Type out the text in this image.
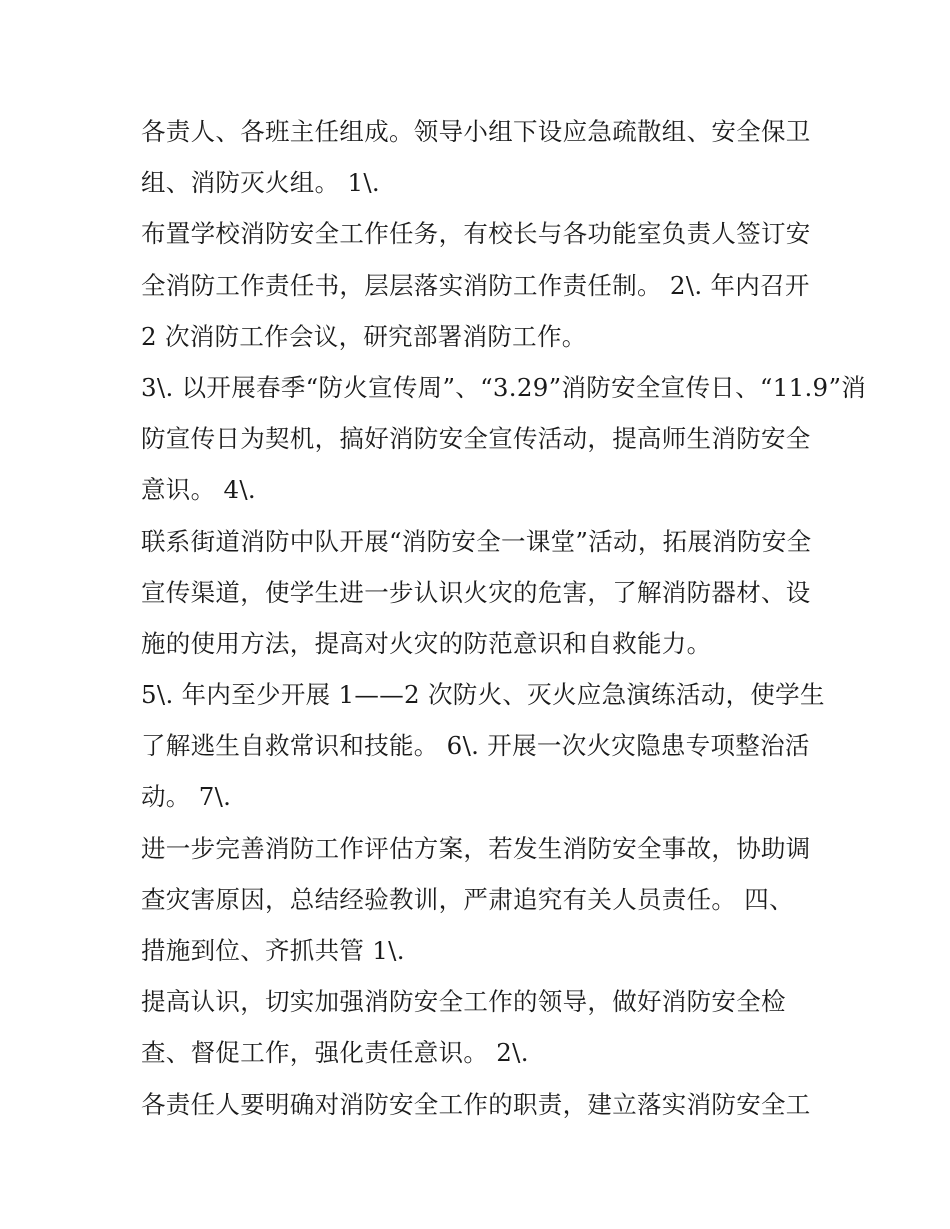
各责人、各班主任组成。领导小组下设应急疏散组、安全保卫
组、消防灭火组。 1\.
布置学校消防安全工作任务，有校长与各功能室负责人签订安
全消防工作责任书，层层落实消防工作责任制。 2\. 年内召开
2 次消防工作会议，研究部署消防工作。
3\. 以开展春季“防火宣传周”、“3.29”消防安全宣传日、“11.9”消
防宣传日为契机，搞好消防安全宣传活动，提高师生消防安全
意识。 4\.
联系街道消防中队开展“消防安全一课堂”活动，拓展消防安全
宣传渠道，使学生进一步认识火灾的危害，了解消防器材、设
施的使用方法，提高对火灾的防范意识和自救能力。
5\. 年内至少开展 1——2 次防火、灭火应急演练活动，使学生
了解逃生自救常识和技能。 6\. 开展一次火灾隐患专项整治活
动。 7\.
进一步完善消防工作评估方案，若发生消防安全事故，协助调
查灾害原因，总结经验教训，严肃追究有关人员责任。 四、
措施到位、齐抓共管 1\.
提高认识，切实加强消防安全工作的领导，做好消防安全检
查、督促工作，强化责任意识。 2\.
各责任人要明确对消防安全工作的职责，建立落实消防安全工
